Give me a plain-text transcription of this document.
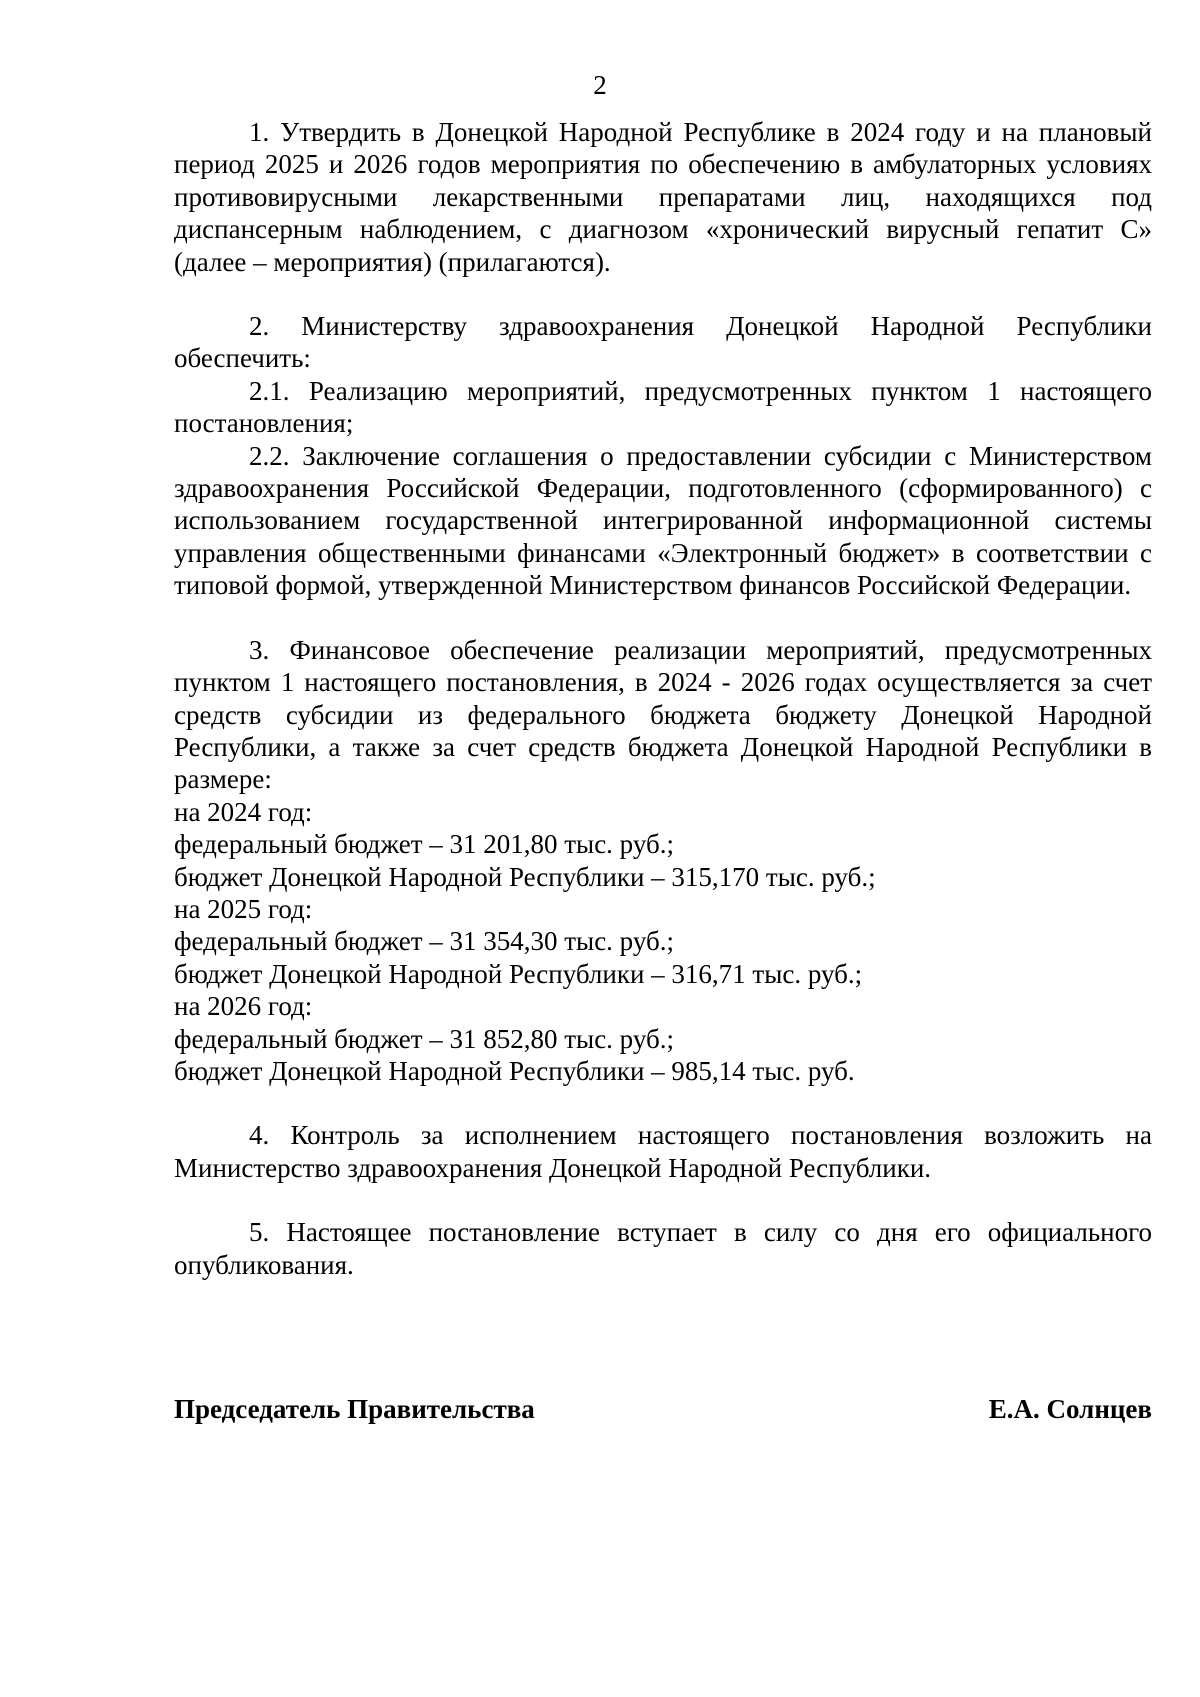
2

1. Утвердить в Донецкой Народной Республике в 2024 году и на плановый период 2025 и 2026 годов мероприятия по обеспечению в амбулаторных условиях противовирусными лекарственными препаратами лиц, находящихся под диспансерным наблюдением, с диагнозом «хронический вирусный гепатит С» (далее – мероприятия) (прилагаются).

2. Министерству здравоохранения Донецкой Народной Республики обеспечить:

2.1. Реализацию мероприятий, предусмотренных пунктом 1 настоящего постановления;

2.2. Заключение соглашения о предоставлении субсидии с Министерством здравоохранения Российской Федерации, подготовленного (сформированного) с использованием государственной интегрированной информационной системы управления общественными финансами «Электронный бюджет» в соответствии с типовой формой, утвержденной Министерством финансов Российской Федерации.

3. Финансовое обеспечение реализации мероприятий, предусмотренных пунктом 1 настоящего постановления, в 2024 - 2026 годах осуществляется за счет средств субсидии из федерального бюджета бюджету Донецкой Народной Республики, а также за счет средств бюджета Донецкой Народной Республики в размере:

на 2024 год:

федеральный бюджет – 31 201,80 тыс. руб.;

бюджет Донецкой Народной Республики – 315,170 тыс. руб.;

на 2025 год:

федеральный бюджет – 31 354,30 тыс. руб.;

бюджет Донецкой Народной Республики – 316,71 тыс. руб.;

на 2026 год:

федеральный бюджет – 31 852,80 тыс. руб.;

бюджет Донецкой Народной Республики – 985,14 тыс. руб.

4. Контроль за исполнением настоящего постановления возложить на Министерство здравоохранения Донецкой Народной Республики.

5. Настоящее постановление вступает в силу со дня его официального опубликования.

Председатель Правительства	Е.А. Солнцев
